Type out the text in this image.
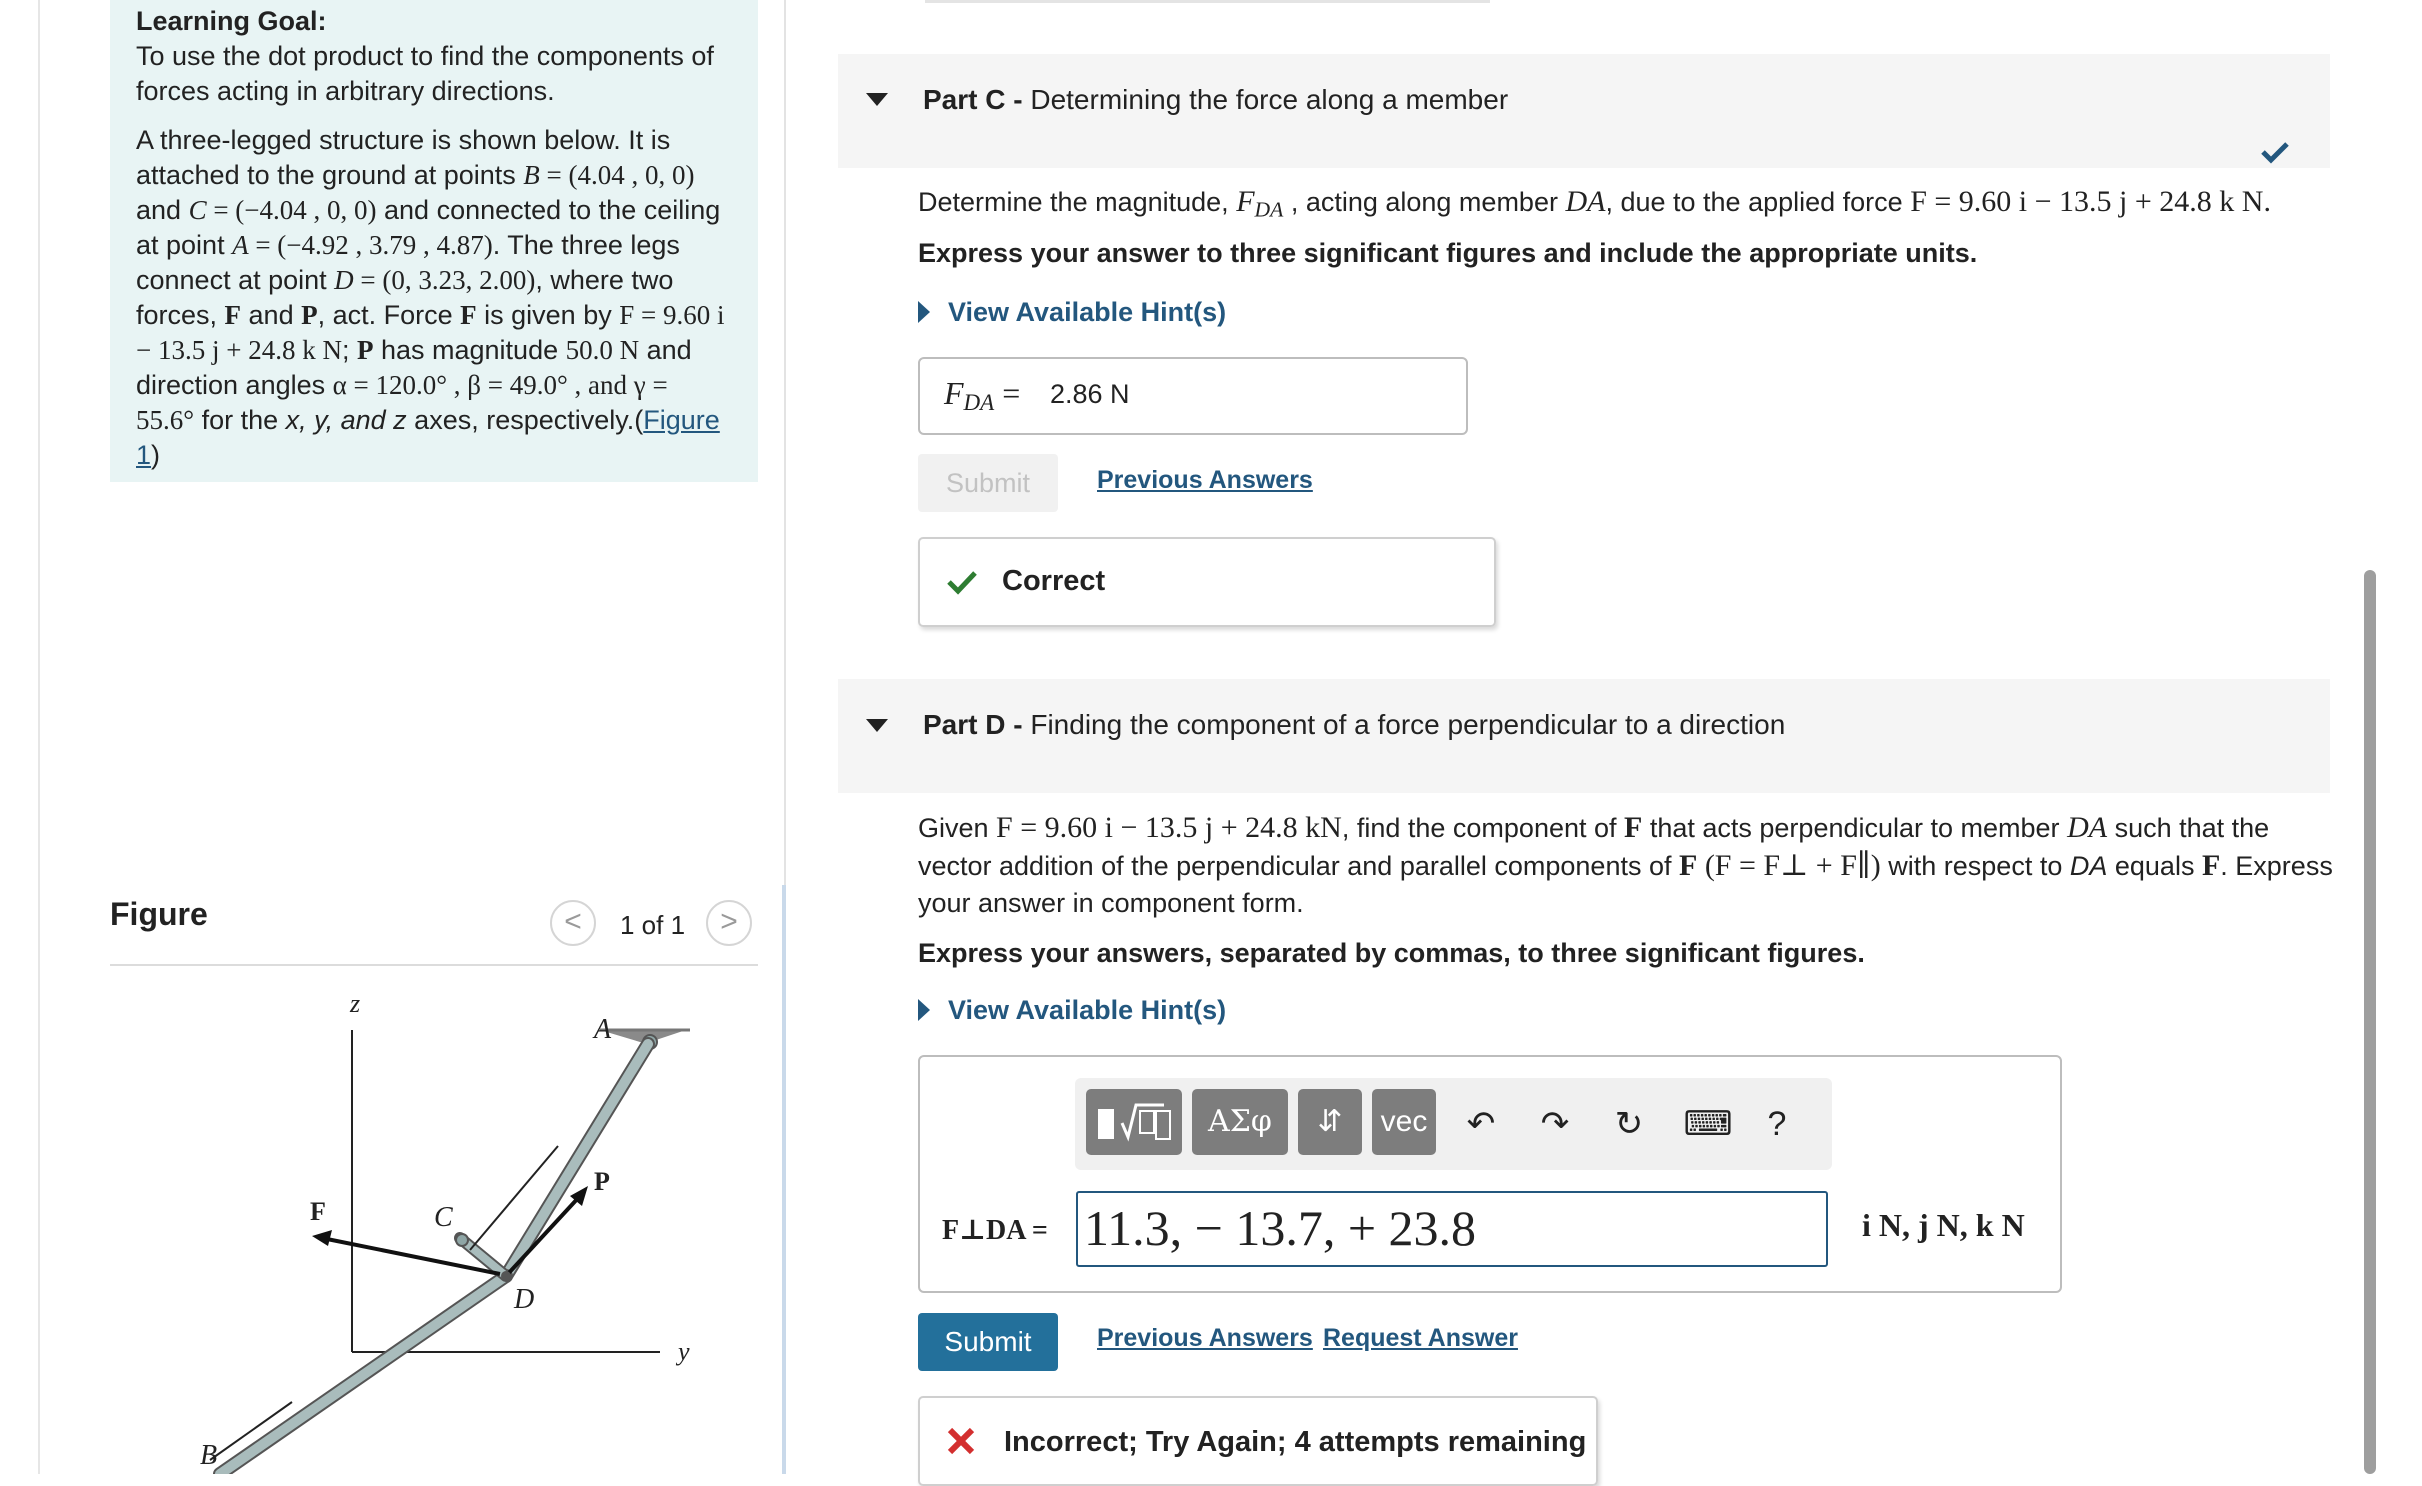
Learning Goal:

To use the dot product to find the components of forces acting in arbitrary directions.

A three-legged structure is shown below. It is attached to the ground at points B = (4.04 , 0, 0) and C = (−4.04 , 0, 0) and connected to the ceiling at point A = (−4.92 , 3.79 , 4.87). The three legs connect at point D = (0, 3.23, 2.00), where two forces, F and P, act. Force F is given by F = 9.60 i − 13.5 j + 24.8 k N; P has magnitude 50.0 N and direction angles α = 120.0° , β = 49.0° , and γ = 55.6° for the x, y, and z axes, respectively.(Figure 1)

Figure	<	1 of 1	>
z
y
F
P
A
C
D
B
Part C - Determining the force along a member
Determine the magnitude, $F_{DA}$ , acting along member DA, due to the applied force F = 9.60 i − 13.5 j + 24.8 k N.
Express your answer to three significant figures and include the appropriate units.
View Available Hint(s)
$F_{DA} = 2.86$ N
Submit	Previous Answers
Correct
Part D - Finding the component of a force perpendicular to a direction
Given F = 9.60 i − 13.5 j + 24.8 kN, find the component of F that acts perpendicular to member DA such that the vector addition of the perpendicular and parallel components of F (F = F⊥ + F∥) with respect to DA equals F. Express your answer in component form.
Express your answers, separated by commas, to three significant figures.
View Available Hint(s)
ΑΣφ	⇵	vec	↶	↷	↻	⌨	?
F⊥DA = 11.3, − 13.7, + 23.8	i N, j N, k N
Submit	Previous Answers Request Answer
Incorrect; Try Again; 4 attempts remaining
